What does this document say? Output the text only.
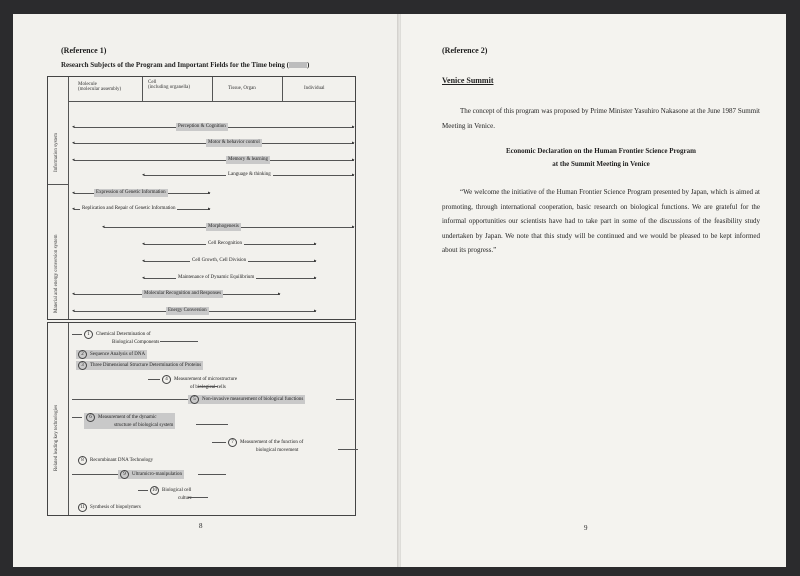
(Reference 1)
Research Subjects of the Program and Important Fields for the Time being (	)
Molecule
(molecular assembly)
Cell
(including organella)	Tissue, Organ	Individual
Information system
Material and energy conversion system
◂	▸
Perception & Cognition
◂	▸
Motor & behavior control
◂	▸
Memory & learning
◂	▸
Language & thinking
◂	▸
Expression of Genetic Information
◂	▸
Replication and Repair of Genetic Information
◂	▸
Morphogenesis
◂	▸
Cell Recognition
◂	▸
Cell Growth, Cell Division
◂	▸
Maintenance of Dynamic Equilibrium
◂	▸
Molecular Recognition and Responses
◂	▸
Energy Conversion
Related leading key technologies
1 Chemical Determination of
Biological Components
2 Sequence Analysis of DNA
3 Three Dimensional Structure Determination of Proteins
4 Measurement of microstructure
of biological cells
5 Non-invasive measurement of biological functions
6 Measurement of the dynamic
structure of biological system
7 Measurement of the function of
biological movement
8 Recombinant DNA Technology
9 Ultramicro-manipulation
10 Biological cell
culture
11 Synthesis of biopolymers
8
(Reference 2)
Venice Summit
The concept of this program was proposed by Prime Minister Yasuhiro Nakasone at the June 1987 Summit Meeting in Venice.
Economic Declaration on the Human Frontier Science Program
at the Summit Meeting in Venice
“We welcome the initiative of the Human Frontier Science Program presented by Japan, which is aimed at promoting, through international cooperation, basic research on biological functions. We are grateful for the informal opportunities our scientists have had to take part in some of the discussions of the feasibility study undertaken by Japan. We note that this study will be continued and we would be pleased to be kept informed about its progress.”
9
